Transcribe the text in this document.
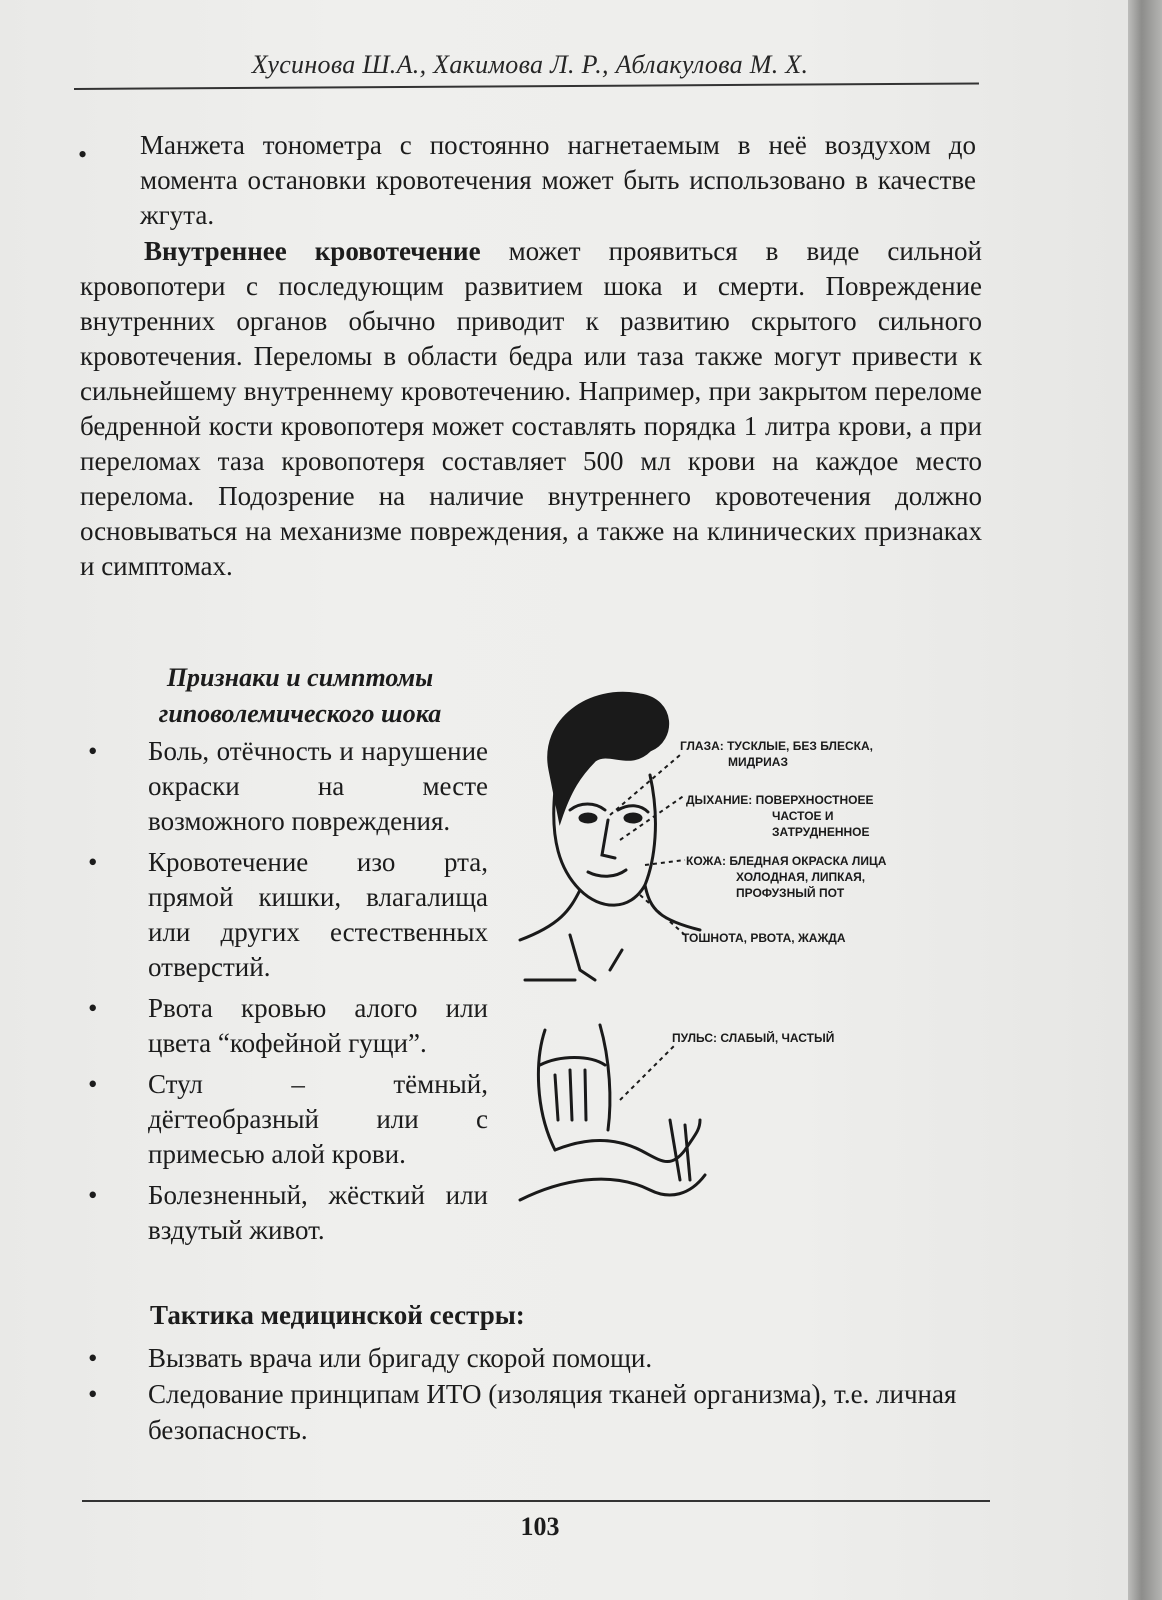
Хусинова Ш.А., Хакимова Л. Р., Аблакулова М. Х.
• Манжета тонометра с постоянно нагнетаемым в неё воздухом до момента остановки кровотечения может быть использовано в качестве жгута.
Внутреннее кровотечение может проявиться в виде сильной кровопотери с последующим развитием шока и смерти. Повреждение внутренних органов обычно приводит к развитию скрытого сильного кровотечения. Переломы в области бедра или таза также могут привести к сильнейшему внутреннему кровотечению. Например, при закрытом переломе бедренной кости кровопотеря может составлять порядка 1 литра крови, а при переломах таза кровопотеря составляет 500 мл крови на каждое место перелома. Подозрение на наличие внутреннего кровотечения должно основываться на механизме повреждения, а также на клинических признаках и симптомах.
Признаки и симптомы
гиповолемического шока
• Боль, отёчность и нарушение окраски на месте возможного повреждения.
• Кровотечение изо рта, прямой кишки, влагалища или других естественных отверстий.
• Рвота кровью алого или цвета “кофейной гущи”.
• Стул – тёмный, дёгтеобразный или с примесью алой крови.
• Болезненный, жёсткий или вздутый живот.
ГЛАЗА: ТУСКЛЫЕ, БЕЗ БЛЕСКА,
МИДРИАЗ
ДЫХАНИЕ: ПОВЕРХНОСТНОЕЕ
ЧАСТОЕ И
ЗАТРУДНЕННОЕ
КОЖА: БЛЕДНАЯ ОКРАСКА ЛИЦА
ХОЛОДНАЯ, ЛИПКАЯ,
ПРОФУЗНЫЙ ПОТ
ТОШНОТА, РВОТА, ЖАЖДА
ПУЛЬС: СЛАБЫЙ, ЧАСТЫЙ
Тактика медицинской сестры:
• Вызвать врача или бригаду скорой помощи.
• Следование принципам ИТО (изоляция тканей организма), т.е. личная безопасность.
103
